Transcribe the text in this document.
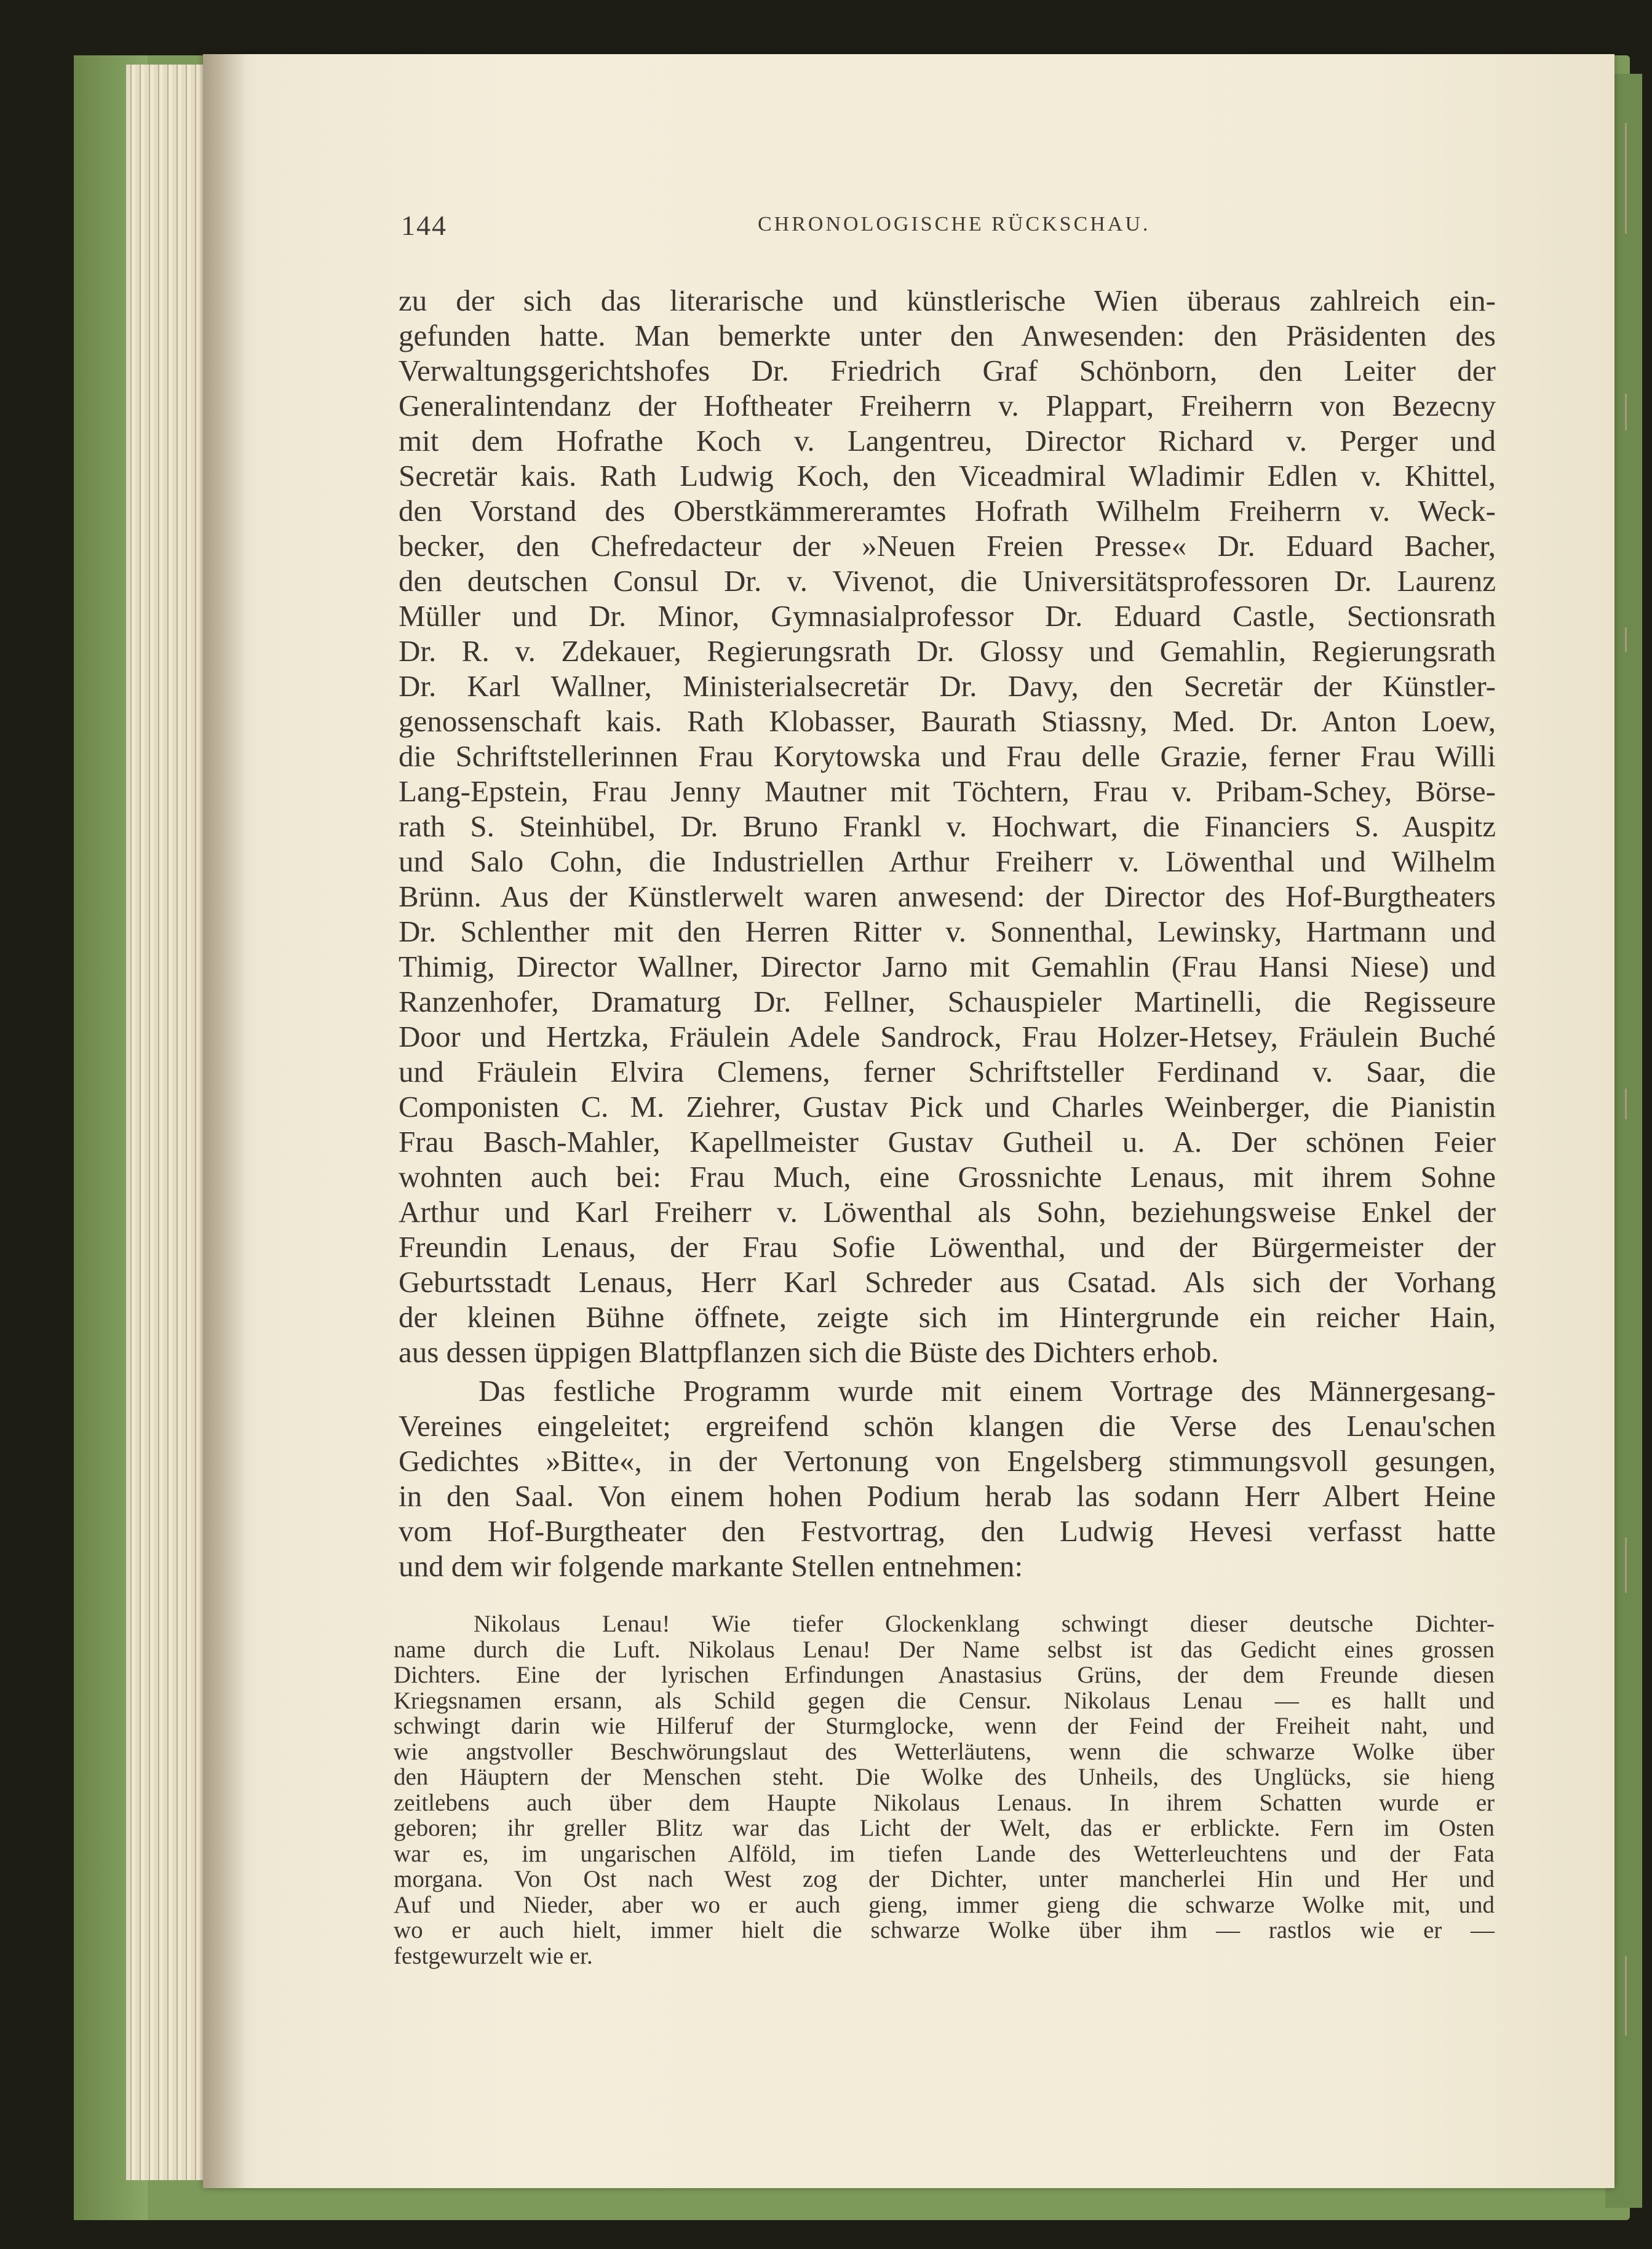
144	CHRONOLOGISCHE RÜCKSCHAU.
zu der sich das literarische und künstlerische Wien überaus zahlreich ein-
gefunden hatte. Man bemerkte unter den Anwesenden: den Präsidenten des
Verwaltungsgerichtshofes Dr. Friedrich Graf Schönborn, den Leiter der
Generalintendanz der Hoftheater Freiherrn v. Plappart, Freiherrn von Bezecny
mit dem Hofrathe Koch v. Langentreu, Director Richard v. Perger und
Secretär kais. Rath Ludwig Koch, den Viceadmiral Wladimir Edlen v. Khittel,
den Vorstand des Oberstkämmereramtes Hofrath Wilhelm Freiherrn v. Weck-
becker, den Chefredacteur der »Neuen Freien Presse« Dr. Eduard Bacher,
den deutschen Consul Dr. v. Vivenot, die Universitätsprofessoren Dr. Laurenz
Müller und Dr. Minor, Gymnasialprofessor Dr. Eduard Castle, Sectionsrath
Dr. R. v. Zdekauer, Regierungsrath Dr. Glossy und Gemahlin, Regierungsrath
Dr. Karl Wallner, Ministerialsecretär Dr. Davy, den Secretär der Künstler-
genossenschaft kais. Rath Klobasser, Baurath Stiassny, Med. Dr. Anton Loew,
die Schriftstellerinnen Frau Korytowska und Frau delle Grazie, ferner Frau Willi
Lang-Epstein, Frau Jenny Mautner mit Töchtern, Frau v. Pribam-Schey, Börse-
rath S. Steinhübel, Dr. Bruno Frankl v. Hochwart, die Financiers S. Auspitz
und Salo Cohn, die Industriellen Arthur Freiherr v. Löwenthal und Wilhelm
Brünn. Aus der Künstlerwelt waren anwesend: der Director des Hof-Burgtheaters
Dr. Schlenther mit den Herren Ritter v. Sonnenthal, Lewinsky, Hartmann und
Thimig, Director Wallner, Director Jarno mit Gemahlin (Frau Hansi Niese) und
Ranzenhofer, Dramaturg Dr. Fellner, Schauspieler Martinelli, die Regisseure
Door und Hertzka, Fräulein Adele Sandrock, Frau Holzer-Hetsey, Fräulein Buché
und Fräulein Elvira Clemens, ferner Schriftsteller Ferdinand v. Saar, die
Componisten C. M. Ziehrer, Gustav Pick und Charles Weinberger, die Pianistin
Frau Basch-Mahler, Kapellmeister Gustav Gutheil u. A. Der schönen Feier
wohnten auch bei: Frau Much, eine Grossnichte Lenaus, mit ihrem Sohne
Arthur und Karl Freiherr v. Löwenthal als Sohn, beziehungsweise Enkel der
Freundin Lenaus, der Frau Sofie Löwenthal, und der Bürgermeister der
Geburtsstadt Lenaus, Herr Karl Schreder aus Csatad. Als sich der Vorhang
der kleinen Bühne öffnete, zeigte sich im Hintergrunde ein reicher Hain,
aus dessen üppigen Blattpflanzen sich die Büste des Dichters erhob.
Das festliche Programm wurde mit einem Vortrage des Männergesang-
Vereines eingeleitet; ergreifend schön klangen die Verse des Lenau'schen
Gedichtes »Bitte«, in der Vertonung von Engelsberg stimmungsvoll gesungen,
in den Saal. Von einem hohen Podium herab las sodann Herr Albert Heine
vom Hof-Burgtheater den Festvortrag, den Ludwig Hevesi verfasst hatte
und dem wir folgende markante Stellen entnehmen:
Nikolaus Lenau! Wie tiefer Glockenklang schwingt dieser deutsche Dichter-
name durch die Luft. Nikolaus Lenau! Der Name selbst ist das Gedicht eines grossen
Dichters. Eine der lyrischen Erfindungen Anastasius Grüns, der dem Freunde diesen
Kriegsnamen ersann, als Schild gegen die Censur. Nikolaus Lenau — es hallt und
schwingt darin wie Hilferuf der Sturmglocke, wenn der Feind der Freiheit naht, und
wie angstvoller Beschwörungslaut des Wetterläutens, wenn die schwarze Wolke über
den Häuptern der Menschen steht. Die Wolke des Unheils, des Unglücks, sie hieng
zeitlebens auch über dem Haupte Nikolaus Lenaus. In ihrem Schatten wurde er
geboren; ihr greller Blitz war das Licht der Welt, das er erblickte. Fern im Osten
war es, im ungarischen Alföld, im tiefen Lande des Wetterleuchtens und der Fata
morgana. Von Ost nach West zog der Dichter, unter mancherlei Hin und Her und
Auf und Nieder, aber wo er auch gieng, immer gieng die schwarze Wolke mit, und
wo er auch hielt, immer hielt die schwarze Wolke über ihm — rastlos wie er —
festgewurzelt wie er.
